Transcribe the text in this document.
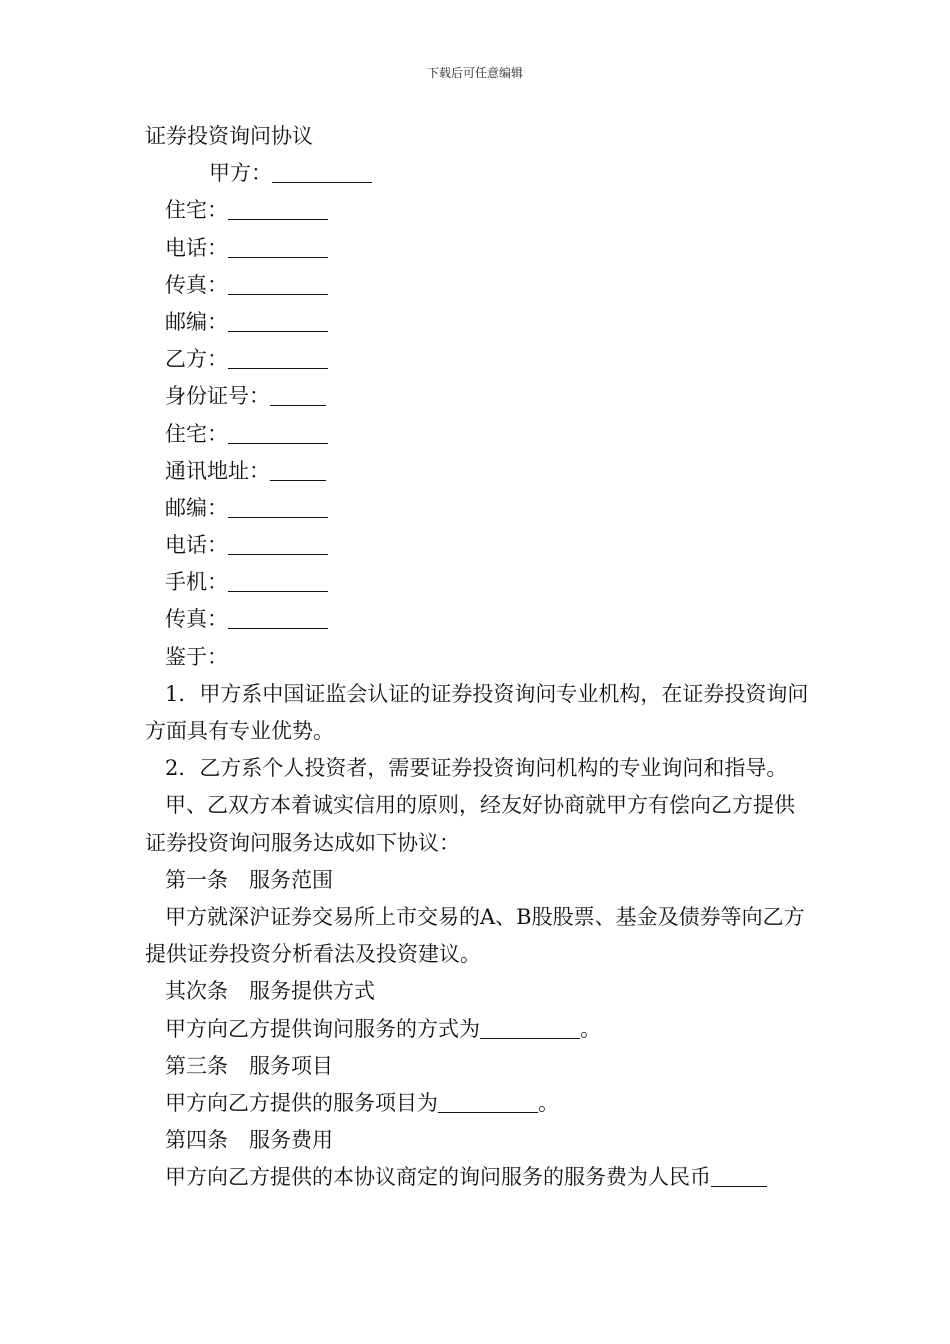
下载后可任意编辑
证券投资询问协议
甲方：
住宅：
电话：
传真：
邮编：
乙方：
身份证号：
住宅：
通讯地址：
邮编：
电话：
手机：
传真：
鉴于：
1．甲方系中国证监会认证的证券投资询问专业机构，在证券投资询问方面具有专业优势。
2．乙方系个人投资者，需要证券投资询问机构的专业询问和指导。
甲、乙双方本着诚实信用的原则，经友好协商就甲方有偿向乙方提供证券投资询问服务达成如下协议：
第一条 服务范围
甲方就深沪证券交易所上市交易的A、B股股票、基金及债券等向乙方提供证券投资分析看法及投资建议。
其次条 服务提供方式
甲方向乙方提供询问服务的方式为	。
第三条 服务项目
甲方向乙方提供的服务项目为	。
第四条 服务费用
甲方向乙方提供的本协议商定的询问服务的服务费为人民币
